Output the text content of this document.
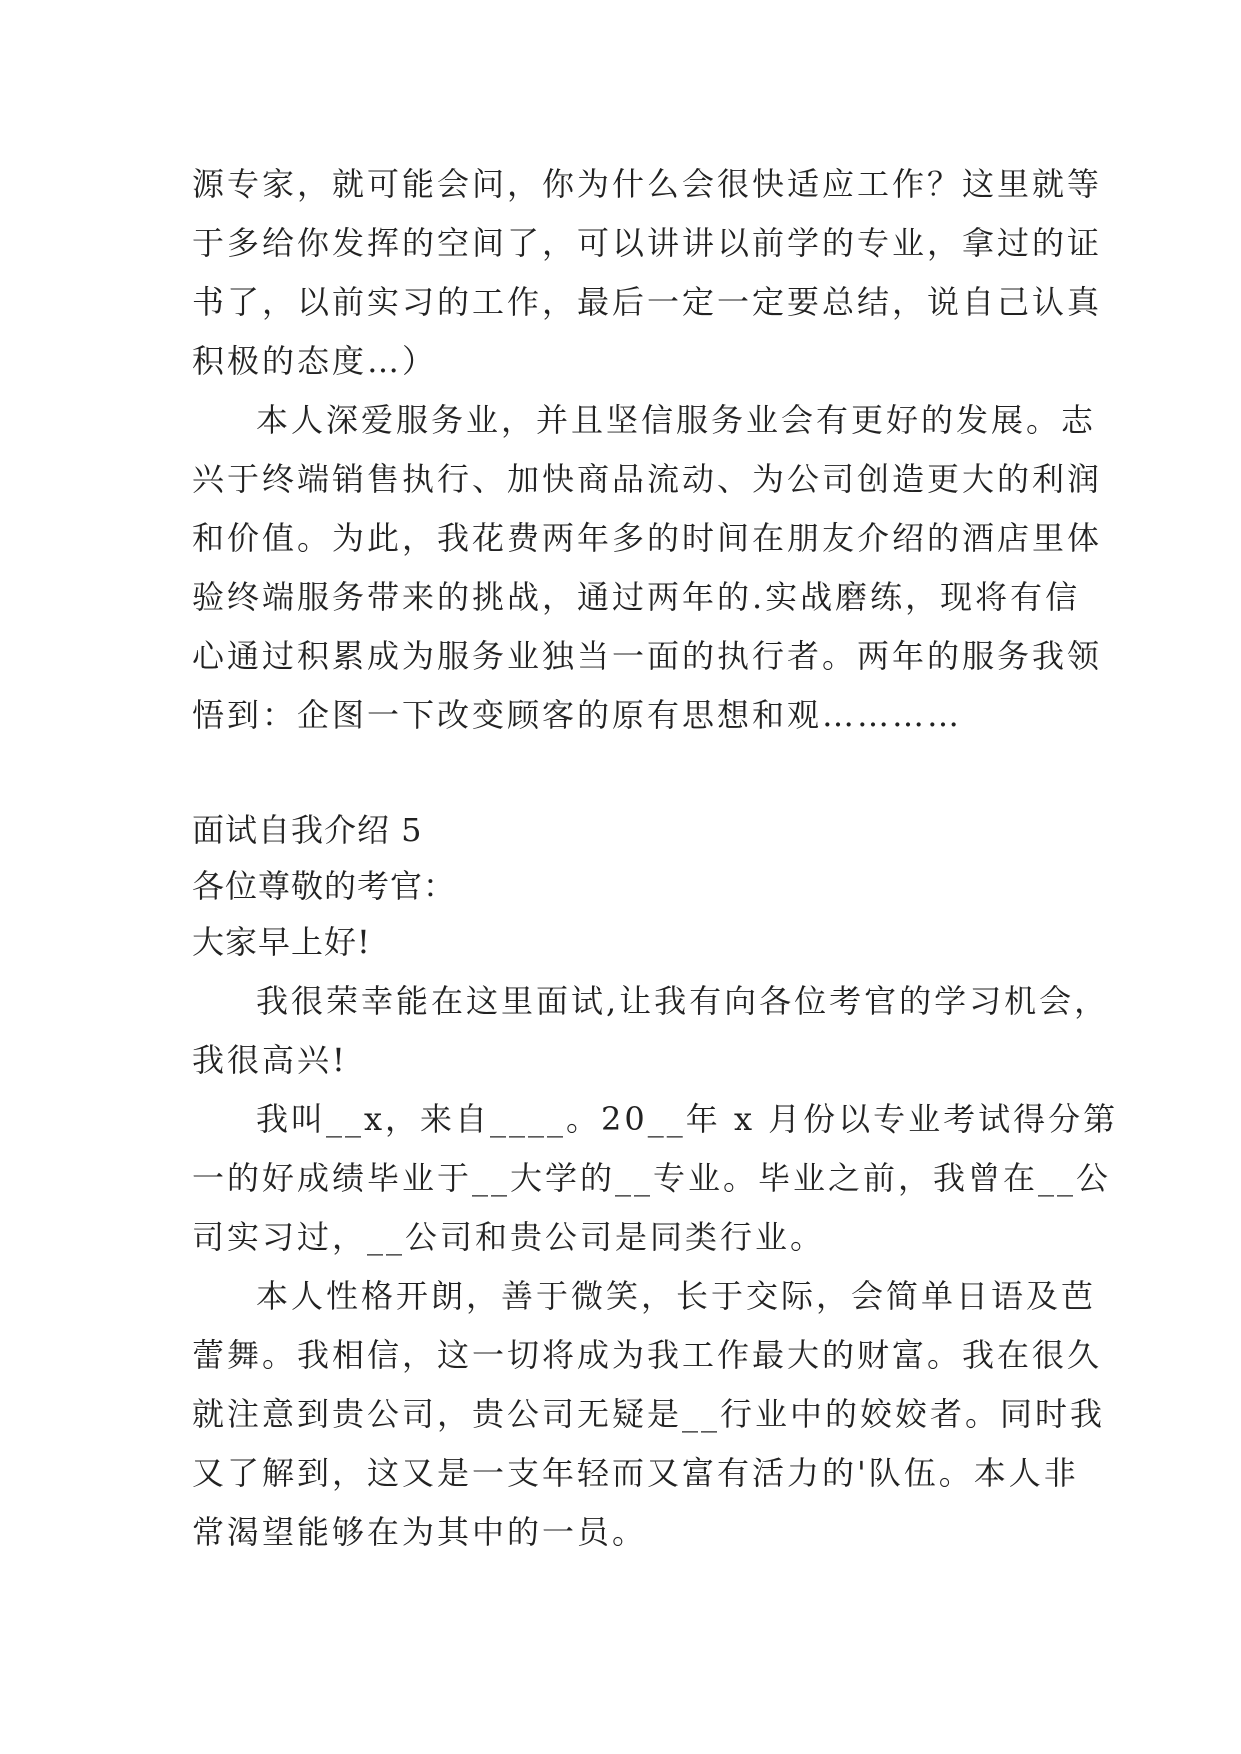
源专家，就可能会问，你为什么会很快适应工作？这里就等
于多给你发挥的空间了，可以讲讲以前学的专业，拿过的证
书了，以前实习的工作，最后一定一定要总结，说自己认真
积极的态度…）
本人深爱服务业，并且坚信服务业会有更好的发展。志
兴于终端销售执行、加快商品流动、为公司创造更大的利润
和价值。为此，我花费两年多的时间在朋友介绍的酒店里体
验终端服务带来的挑战，通过两年的.实战磨练，现将有信
心通过积累成为服务业独当一面的执行者。两年的服务我领
悟到：企图一下改变顾客的原有思想和观…………
面试自我介绍 5
各位尊敬的考官：
大家早上好!
我很荣幸能在这里面试,让我有向各位考官的学习机会，
我很高兴!
我叫__x，来自____。20__年 x 月份以专业考试得分第
一的好成绩毕业于__大学的__专业。毕业之前，我曾在__公
司实习过，__公司和贵公司是同类行业。
本人性格开朗，善于微笑，长于交际，会简单日语及芭
蕾舞。我相信，这一切将成为我工作最大的财富。我在很久
就注意到贵公司，贵公司无疑是__行业中的姣姣者。同时我
又了解到，这又是一支年轻而又富有活力的'队伍。本人非
常渴望能够在为其中的一员。
